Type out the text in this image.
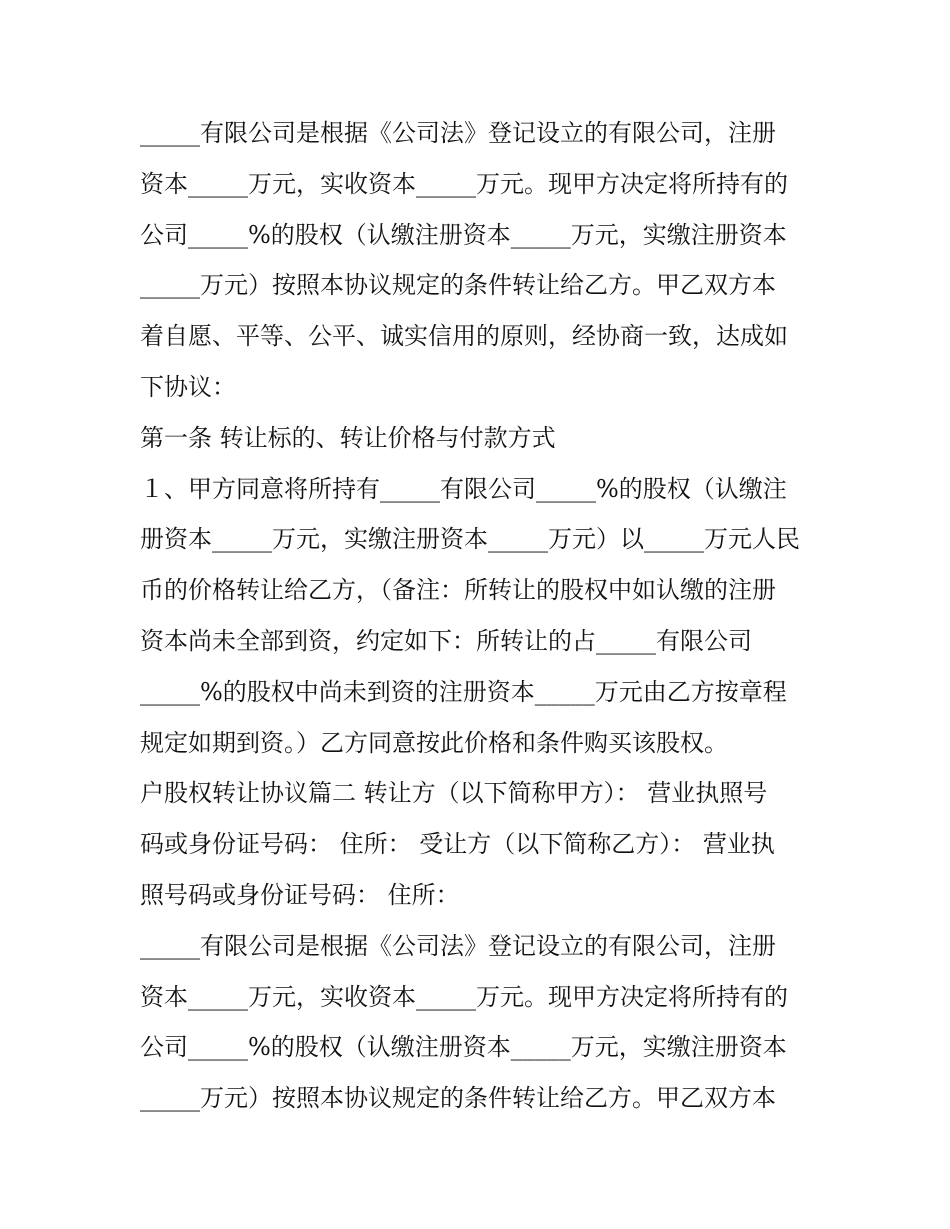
_____有限公司是根据《公司法》登记设立的有限公司，注册
资本_____万元，实收资本_____万元。现甲方决定将所持有的
公司_____%的股权（认缴注册资本_____万元，实缴注册资本
_____万元）按照本协议规定的条件转让给乙方。甲乙双方本
着自愿、平等、公平、诚实信用的原则，经协商一致，达成如
下协议：
第一条 转让标的、转让价格与付款方式
１、甲方同意将所持有_____有限公司_____%的股权（认缴注
册资本_____万元，实缴注册资本_____万元）以_____万元人民
币的价格转让给乙方，（备注：所转让的股权中如认缴的注册
资本尚未全部到资，约定如下：所转让的占_____有限公司
_____%的股权中尚未到资的注册资本_____万元由乙方按章程
规定如期到资。）乙方同意按此价格和条件购买该股权。
户股权转让协议篇二 转让方（以下简称甲方）： 营业执照号
码或身份证号码： 住所： 受让方（以下简称乙方）： 营业执
照号码或身份证号码： 住所：
_____有限公司是根据《公司法》登记设立的有限公司，注册
资本_____万元，实收资本_____万元。现甲方决定将所持有的
公司_____%的股权（认缴注册资本_____万元，实缴注册资本
_____万元）按照本协议规定的条件转让给乙方。甲乙双方本
